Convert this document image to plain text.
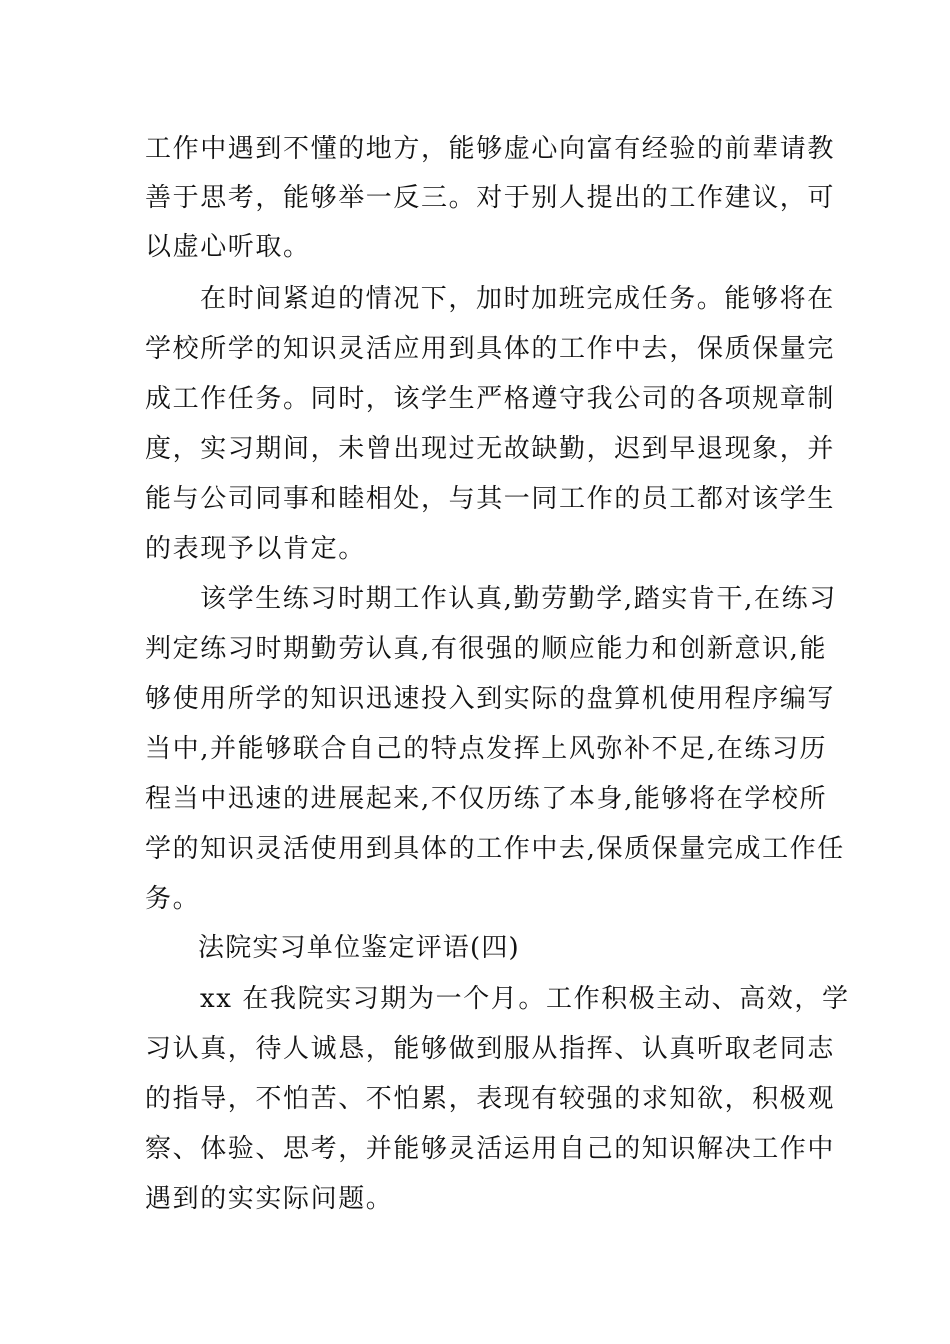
工作中遇到不懂的地方，能够虚心向富有经验的前辈请教
善于思考，能够举一反三。对于别人提出的工作建议，可
以虚心听取。
在时间紧迫的情况下，加时加班完成任务。能够将在
学校所学的知识灵活应用到具体的工作中去，保质保量完
成工作任务。同时，该学生严格遵守我公司的各项规章制
度，实习期间，未曾出现过无故缺勤，迟到早退现象，并
能与公司同事和睦相处，与其一同工作的员工都对该学生
的表现予以肯定。
该学生练习时期工作认真,勤劳勤学,踏实肯干,在练习
判定练习时期勤劳认真,有很强的顺应能力和创新意识,能
够使用所学的知识迅速投入到实际的盘算机使用程序编写
当中,并能够联合自己的特点发挥上风弥补不足,在练习历
程当中迅速的进展起来,不仅历练了本身,能够将在学校所
学的知识灵活使用到具体的工作中去,保质保量完成工作任
务。
法院实习单位鉴定评语(四)
xx 在我院实习期为一个月。工作积极主动、高效，学
习认真，待人诚恳，能够做到服从指挥、认真听取老同志
的指导，不怕苦、不怕累，表现有较强的求知欲，积极观
察、体验、思考，并能够灵活运用自己的知识解决工作中
遇到的实实际问题。
